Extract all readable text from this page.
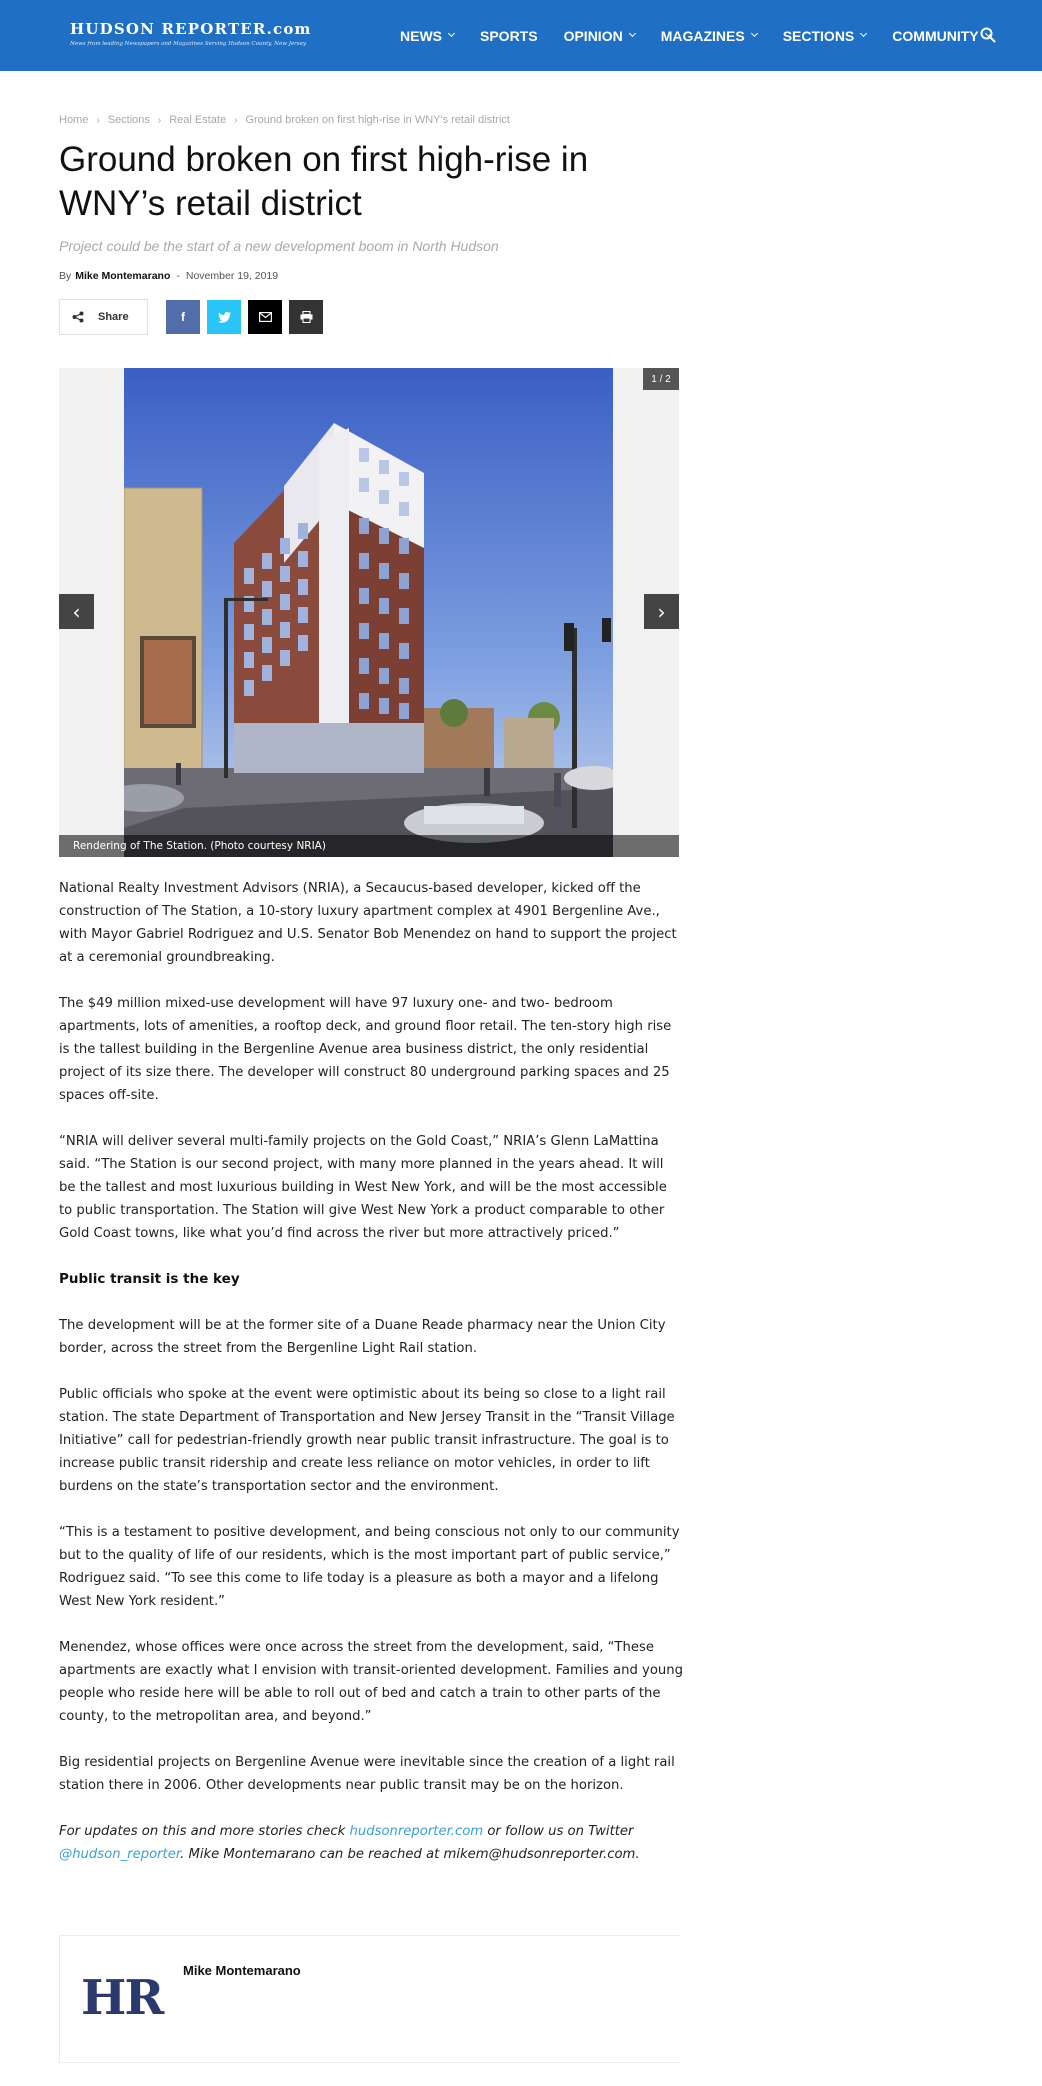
HUDSON REPORTER.com
News from leading Newspapers and Magazines Serving Hudson County, New Jersey
NEWS	SPORTS OPINION	MAGAZINES	SECTIONS	COMMUNITY
Home › Sections › Real Estate › Ground broken on first high-rise in WNY's retail district
Ground broken on first high-rise in WNY’s retail district
Project could be the start of a new development boom in North Hudson
By Mike Montemarano - November 19, 2019
Share	f
1 / 2
‹	›
Rendering of The Station. (Photo courtesy NRIA)

National Realty Investment Advisors (NRIA), a Secaucus-based developer, kicked off the construction of The Station, a 10-story luxury apartment complex at 4901 Bergenline Ave., with Mayor Gabriel Rodriguez and U.S. Senator Bob Menendez on hand to support the project at a ceremonial groundbreaking.

The $49 million mixed-use development will have 97 luxury one- and two- bedroom apartments, lots of amenities, a rooftop deck, and ground floor retail. The ten-story high rise is the tallest building in the Bergenline Avenue area business district, the only residential project of its size there. The developer will construct 80 underground parking spaces and 25 spaces off-site.

“NRIA will deliver several multi-family projects on the Gold Coast,” NRIA’s Glenn LaMattina said. “The Station is our second project, with many more planned in the years ahead. It will be the tallest and most luxurious building in West New York, and will be the most accessible to public transportation. The Station will give West New York a product comparable to other Gold Coast towns, like what you’d find across the river but more attractively priced.”

Public transit is the key

The development will be at the former site of a Duane Reade pharmacy near the Union City border, across the street from the Bergenline Light Rail station.

Public officials who spoke at the event were optimistic about its being so close to a light rail station. The state Department of Transportation and New Jersey Transit in the “Transit Village Initiative” call for pedestrian-friendly growth near public transit infrastructure. The goal is to increase public transit ridership and create less reliance on motor vehicles, in order to lift burdens on the state’s transportation sector and the environment.

“This is a testament to positive development, and being conscious not only to our community but to the quality of life of our residents, which is the most important part of public service,” Rodriguez said. “To see this come to life today is a pleasure as both a mayor and a lifelong West New York resident.”

Menendez, whose offices were once across the street from the development, said, “These apartments are exactly what I envision with transit-oriented development. Families and young people who reside here will be able to roll out of bed and catch a train to other parts of the county, to the metropolitan area, and beyond.”

Big residential projects on Bergenline Avenue were inevitable since the creation of a light rail station there in 2006. Other developments near public transit may be on the horizon.

For updates on this and more stories check hudsonreporter.com or follow us on Twitter @hudson_reporter. Mike Montemarano can be reached at mikem@hudsonreporter.com.

HR Mike Montemarano
